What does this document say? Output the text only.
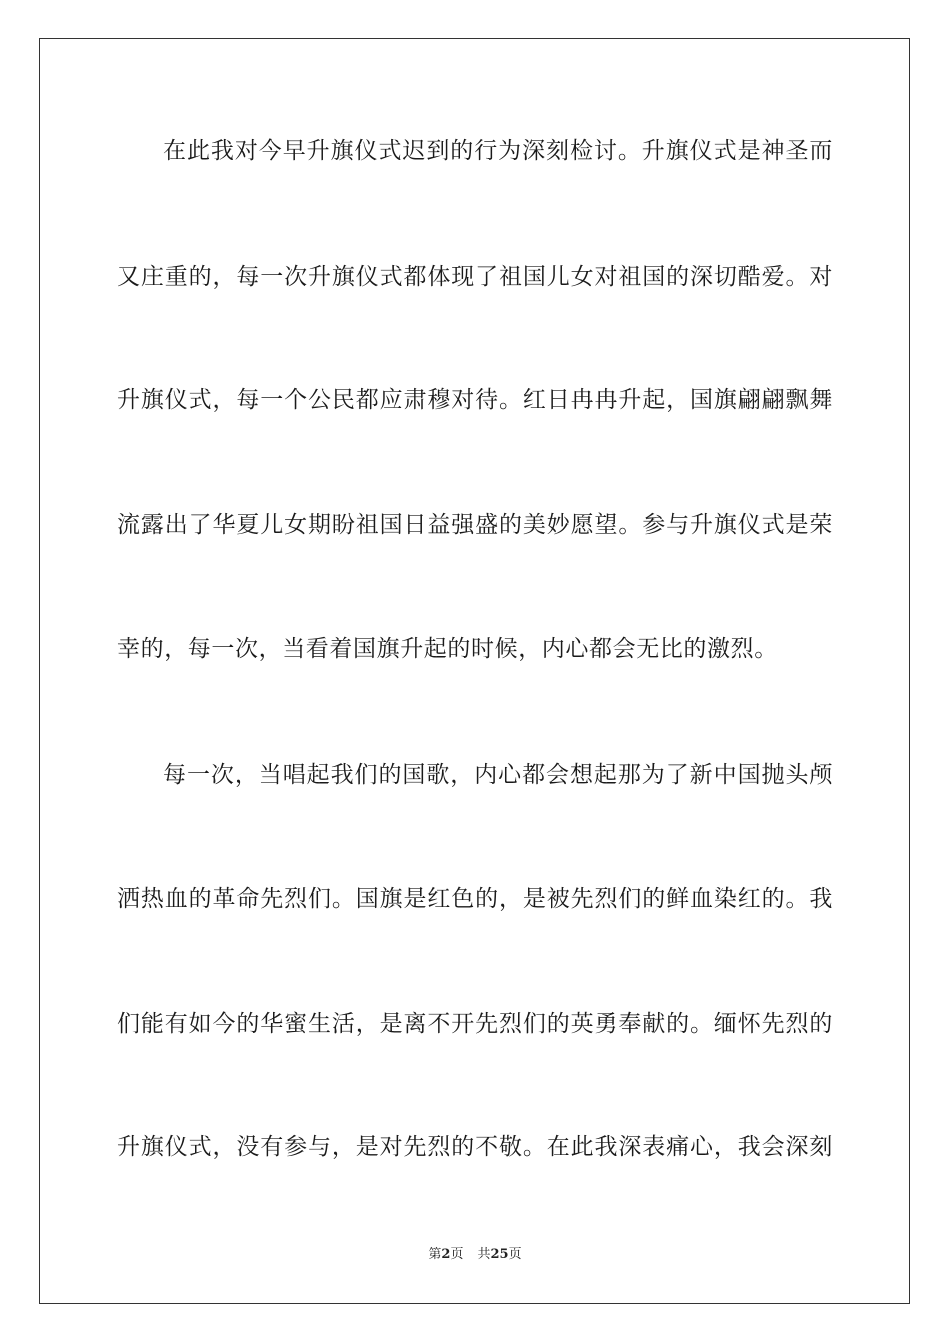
在此我对今早升旗仪式迟到的行为深刻检讨。升旗仪式是神圣而
又庄重的，每一次升旗仪式都体现了祖国儿女对祖国的深切酷爱。对
升旗仪式，每一个公民都应肃穆对待。红日冉冉升起，国旗翩翩飘舞
流露出了华夏儿女期盼祖国日益强盛的美妙愿望。参与升旗仪式是荣
幸的，每一次，当看着国旗升起的时候，内心都会无比的激烈。
每一次，当唱起我们的国歌，内心都会想起那为了新中国抛头颅
洒热血的革命先烈们。国旗是红色的，是被先烈们的鲜血染红的。我
们能有如今的华蜜生活，是离不开先烈们的英勇奉献的。缅怀先烈的
升旗仪式，没有参与，是对先烈的不敬。在此我深表痛心，我会深刻
第2页 共25页
